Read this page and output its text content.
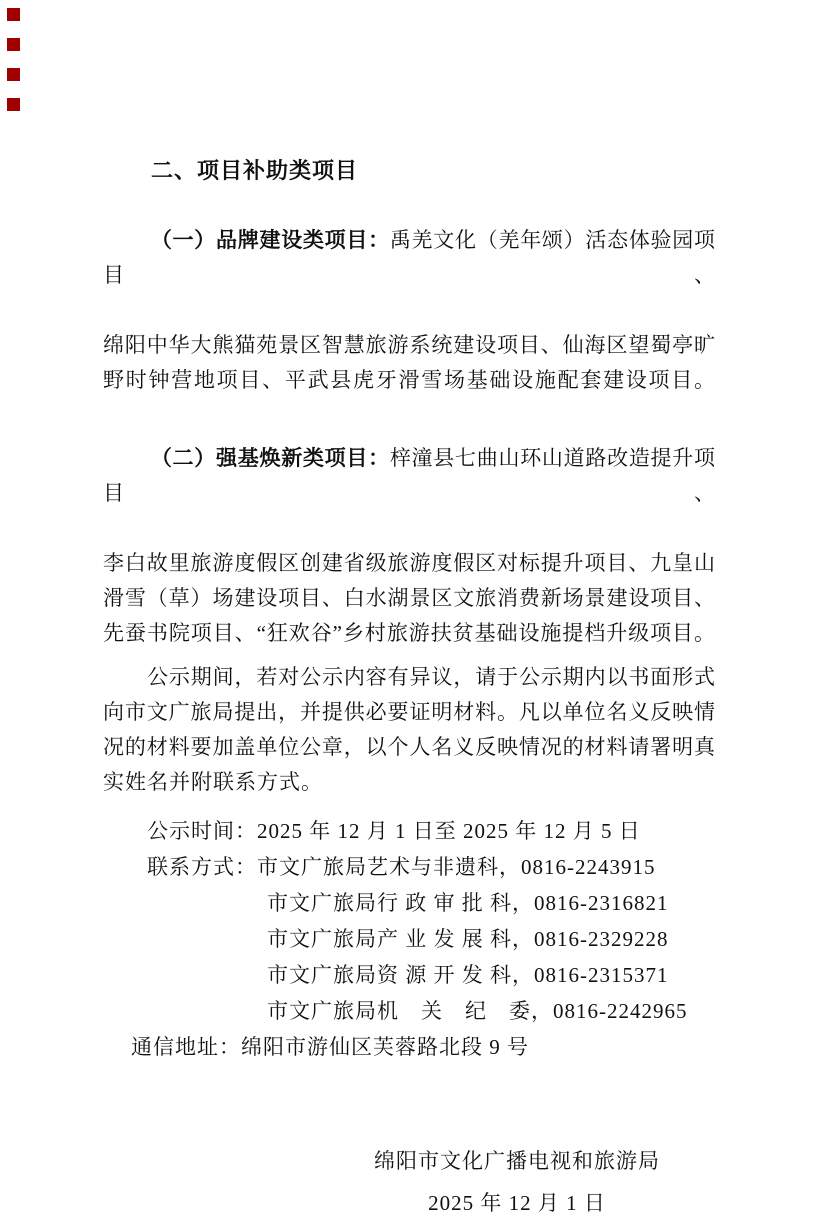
二、项目补助类项目

（一）品牌建设类项目：禹羌文化（羌年颂）活态体验园项目、

绵阳中华大熊猫苑景区智慧旅游系统建设项目、仙海区望蜀亭旷
野时钟营地项目、平武县虎牙滑雪场基础设施配套建设项目。

（二）强基焕新类项目：梓潼县七曲山环山道路改造提升项目、

李白故里旅游度假区创建省级旅游度假区对标提升项目、九皇山
滑雪（草）场建设项目、白水湖景区文旅消费新场景建设项目、
先蚕书院项目、“狂欢谷”乡村旅游扶贫基础设施提档升级项目。
公示期间，若对公示内容有异议，请于公示期内以书面形式
向市文广旅局提出，并提供必要证明材料。凡以单位名义反映情
况的材料要加盖单位公章，以个人名义反映情况的材料请署明真
实姓名并附联系方式。
公示时间：2025 年 12 月 1 日至 2025 年 12 月 5 日
联系方式：市文广旅局艺术与非遗科，0816-2243915
市文广旅局行 政 审 批 科，0816-2316821
市文广旅局产 业 发 展 科，0816-2329228
市文广旅局资 源 开 发 科，0816-2315371
市文广旅局机　关　纪　委，0816-2242965
通信地址：绵阳市游仙区芙蓉路北段 9 号
绵阳市文化广播电视和旅游局
2025 年 12 月 1 日
